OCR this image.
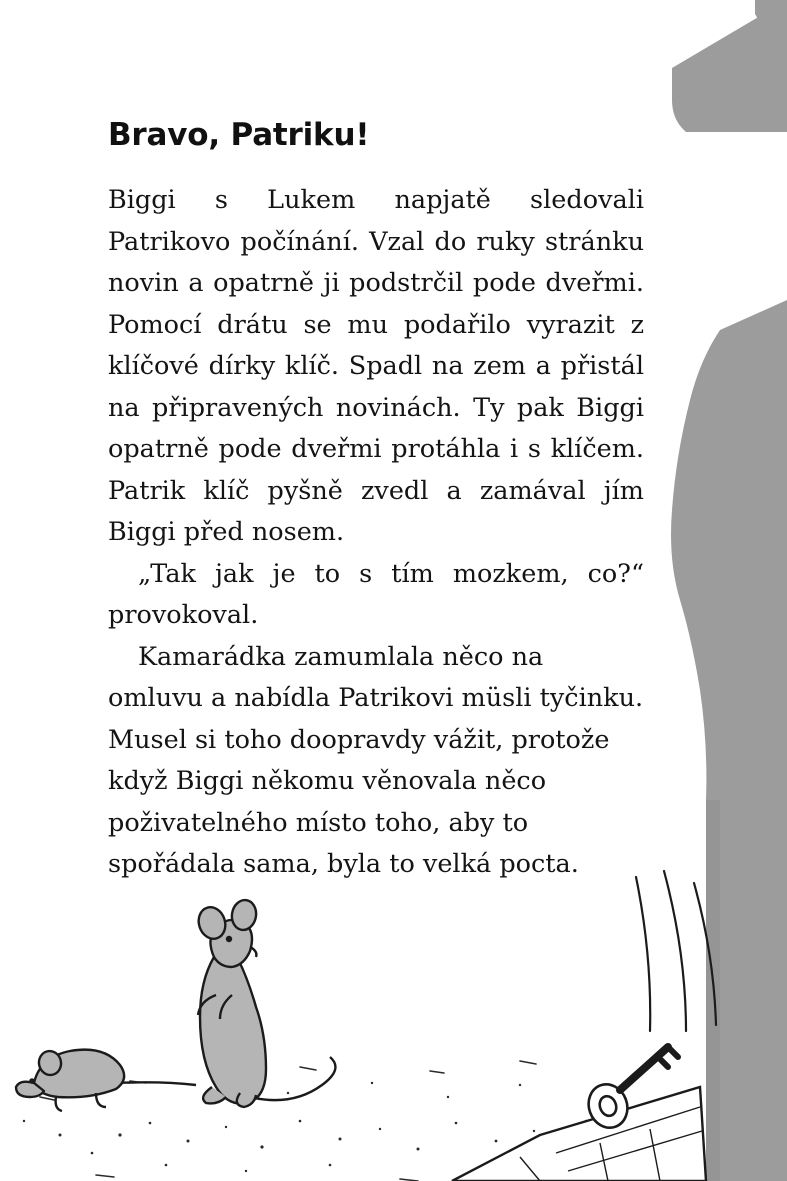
Bravo, Patriku!

Biggi s Lukem napjatě sledovali Patrikovo počínání. Vzal do ruky stránku novin a opatrně ji podstrčil pode dveřmi. Pomocí drátu se mu podařilo vyrazit z klíčové dírky klíč. Spadl na zem a přistál na připravených novinách. Ty pak Biggi opatrně pode dveřmi protáhla i s klíčem. Patrik klíč pyšně zvedl a zamával jím Biggi před nosem.

„Tak jak je to s tím mozkem, co?“ provokoval.

Kamarádka zamumlala něco na omluvu a nabídla Patrikovi müsli tyčinku. Musel si toho doopravdy vážit, protože když Biggi někomu věnovala něco poživatelného místo toho, aby to spořádala sama, byla to velká pocta.
